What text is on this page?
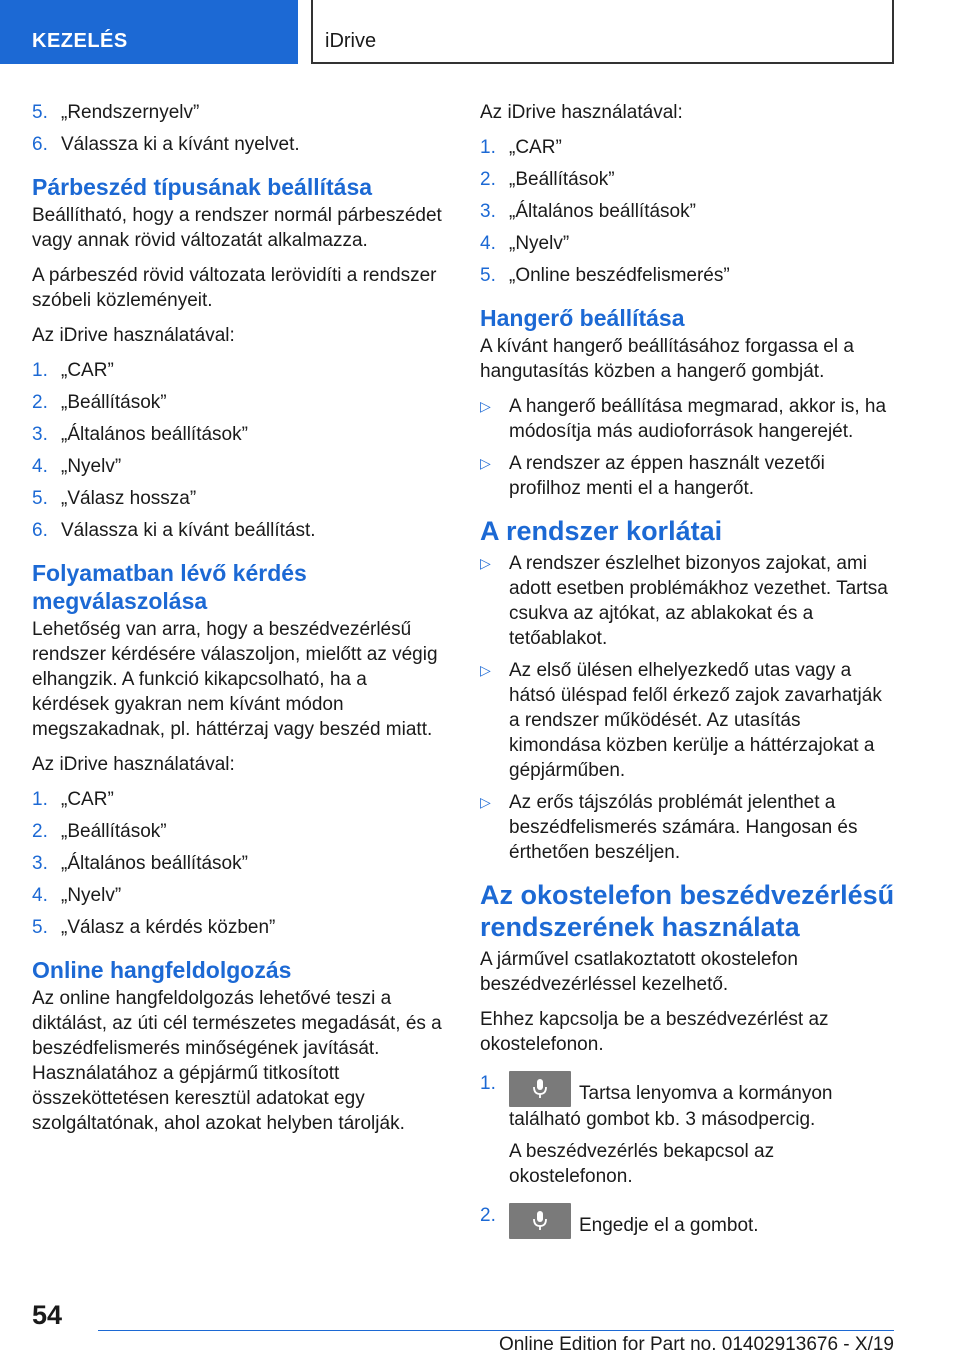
KEZELÉS	iDrive
5. „Rendszernyelv”
6. Válassza ki a kívánt nyelvet.
Párbeszéd típusának beállítása

Beállítható, hogy a rendszer normál párbeszédet vagy annak rövid változatát alkalmazza.

A párbeszéd rövid változata lerövidíti a rendszer szóbeli közleményeit.

Az iDrive használatával:

1. „CAR”
2. „Beállítások”
3. „Általános beállítások”
4. „Nyelv”
5. „Válasz hossza”
6. Válassza ki a kívánt beállítást.
Folyamatban lévő kérdés
megválaszolása

Lehetőség van arra, hogy a beszédvezérlésű rendszer kérdésére válaszoljon, mielőtt az végig elhangzik. A funkció kikapcsolható, ha a kérdések gyakran nem kívánt módon megszakadnak, pl. háttérzaj vagy beszéd miatt.

Az iDrive használatával:

1. „CAR”
2. „Beállítások”
3. „Általános beállítások”
4. „Nyelv”
5. „Válasz a kérdés közben”
Online hangfeldolgozás

Az online hangfeldolgozás lehetővé teszi a diktálást, az úti cél természetes megadását, és a beszédfelismerés minőségének javítását. Használatához a gépjármű titkosított összeköttetésen keresztül adatokat egy szolgáltatónak, ahol azokat helyben tárolják.

Az iDrive használatával:

1. „CAR”
2. „Beállítások”
3. „Általános beállítások”
4. „Nyelv”
5. „Online beszédfelismerés”
Hangerő beállítása

A kívánt hangerő beállításához forgassa el a hangutasítás közben a hangerő gombját.

▷ A hangerő beállítása megmarad, akkor is, ha módosítja más audioforrások hangerejét.
▷ A rendszer az éppen használt vezetői profilhoz menti el a hangerőt.
A rendszer korlátai
▷ A rendszer észlelhet bizonyos zajokat, ami adott esetben problémákhoz vezethet. Tartsa csukva az ajtókat, az ablakokat és a tetőablakot.
▷ Az első ülésen elhelyezkedő utas vagy a hátsó üléspad felől érkező zajok zavarhatják a rendszer működését. Az utasítás kimondása közben kerülje a háttérzajokat a gépjárműben.
▷ Az erős tájszólás problémát jelenthet a beszédfelismerés számára. Hangosan és érthetően beszéljen.
Az okostelefon beszédvezérlésű
rendszerének használata

A járművel csatlakoztatott okostelefon beszédvezérléssel kezelhető.

Ehhez kapcsolja be a beszédvezérlést az okostelefonon.

1.	Tartsa lenyomva a kormányon található gombot kb. 3 másodpercig.

A beszédvezérlés bekapcsol az okostelefonon.

2.	Engedje el a gombot.
54
Online Edition for Part no. 01402913676 - X/19
